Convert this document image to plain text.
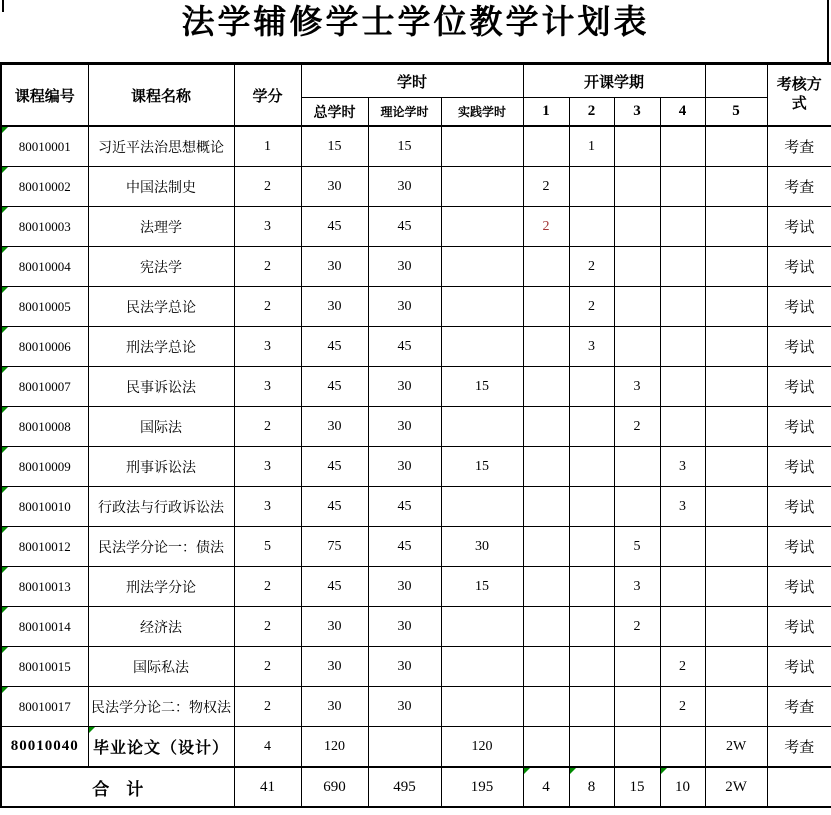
法学辅修学士学位教学计划表
课程编号	课程名称	学分	学时			开课学期					考核方式
			总学时	理论学时	实践学时	1	2	3	4	5	
80010001	习近平法治思想概论	1	15	15			1				考查
80010002	中国法制史	2	30	30		2					考查
80010003	法理学	3	45	45		2					考试
80010004	宪法学	2	30	30			2				考试
80010005	民法学总论	2	30	30			2				考试
80010006	刑法学总论	3	45	45			3				考试
80010007	民事诉讼法	3	45	30	15			3			考试
80010008	国际法	2	30	30				2			考试
80010009	刑事诉讼法	3	45	30	15				3		考试
80010010	行政法与行政诉讼法	3	45	45					3		考试
80010012	民法学分论一：债法	5	75	45	30			5			考试
80010013	刑法学分论	2	45	30	15			3			考试
80010014	经济法	2	30	30				2			考试
80010015	国际私法	2	30	30					2		考试
80010017	民法学分论二：物权法	2	30	30					2		考查
80010040	毕业论文（设计）	4	120		120					2W	考查
合　计		41	690	495	195	4	8	15	10	2W	
